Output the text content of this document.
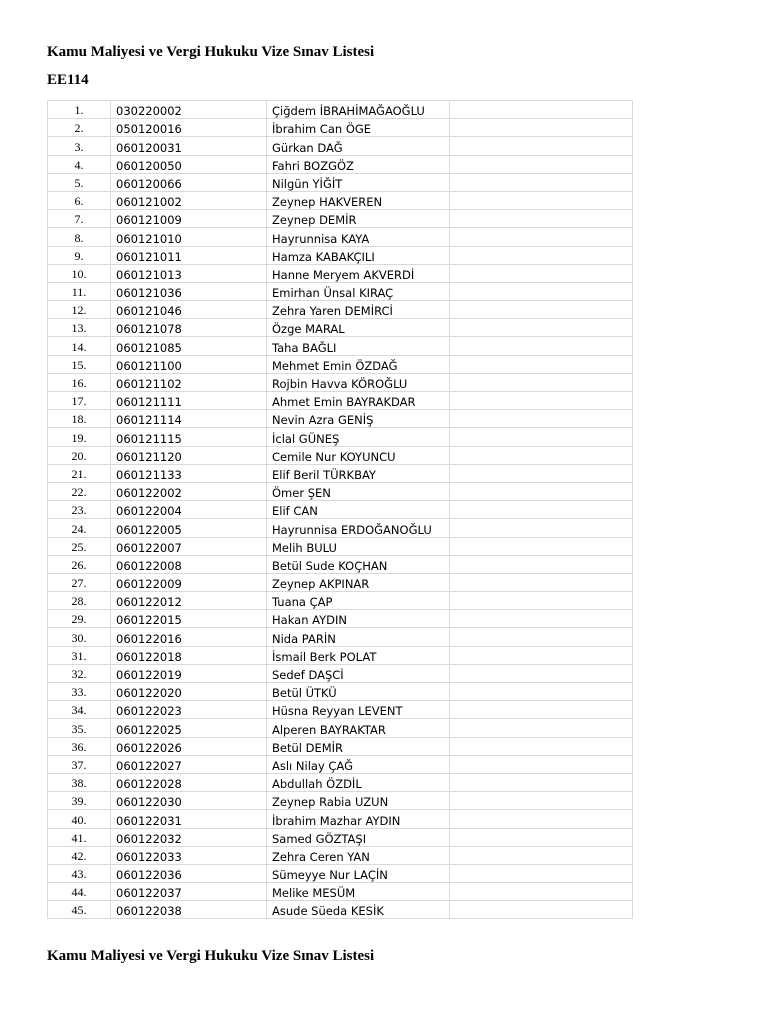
Kamu Maliyesi ve Vergi Hukuku Vize Sınav Listesi
EE114
1.	030220002	Çiğdem İBRAHİMAĞAOĞLU	
2.	050120016	İbrahim Can ÖGE	
3.	060120031	Gürkan DAĞ	
4.	060120050	Fahri BOZGÖZ	
5.	060120066	Nilgün YİĞİT	
6.	060121002	Zeynep HAKVEREN	
7.	060121009	Zeynep DEMİR	
8.	060121010	Hayrunnisa KAYA	
9.	060121011	Hamza KABAKÇILI	
10.	060121013	Hanne Meryem AKVERDİ	
11.	060121036	Emirhan Ünsal KIRAÇ	
12.	060121046	Zehra Yaren DEMİRCİ	
13.	060121078	Özge MARAL	
14.	060121085	Taha BAĞLI	
15.	060121100	Mehmet Emin ÖZDAĞ	
16.	060121102	Rojbin Havva KÖROĞLU	
17.	060121111	Ahmet Emin BAYRAKDAR	
18.	060121114	Nevin Azra GENİŞ	
19.	060121115	İclal GÜNEŞ	
20.	060121120	Cemile Nur KOYUNCU	
21.	060121133	Elif Beril TÜRKBAY	
22.	060122002	Ömer ŞEN	
23.	060122004	Elif CAN	
24.	060122005	Hayrunnisa ERDOĞANOĞLU	
25.	060122007	Melih BULU	
26.	060122008	Betül Sude KOÇHAN	
27.	060122009	Zeynep AKPINAR	
28.	060122012	Tuana ÇAP	
29.	060122015	Hakan AYDIN	
30.	060122016	Nida PARİN	
31.	060122018	İsmail Berk POLAT	
32.	060122019	Sedef DAŞCİ	
33.	060122020	Betül ÜTKÜ	
34.	060122023	Hüsna Reyyan LEVENT	
35.	060122025	Alperen BAYRAKTAR	
36.	060122026	Betül DEMİR	
37.	060122027	Aslı Nilay ÇAĞ	
38.	060122028	Abdullah ÖZDİL	
39.	060122030	Zeynep Rabia UZUN	
40.	060122031	İbrahim Mazhar AYDIN	
41.	060122032	Samed GÖZTAŞI	
42.	060122033	Zehra Ceren YAN	
43.	060122036	Sümeyye Nur LAÇİN	
44.	060122037	Melike MESÜM	
45.	060122038	Asude Süeda KESİK	
Kamu Maliyesi ve Vergi Hukuku Vize Sınav Listesi
